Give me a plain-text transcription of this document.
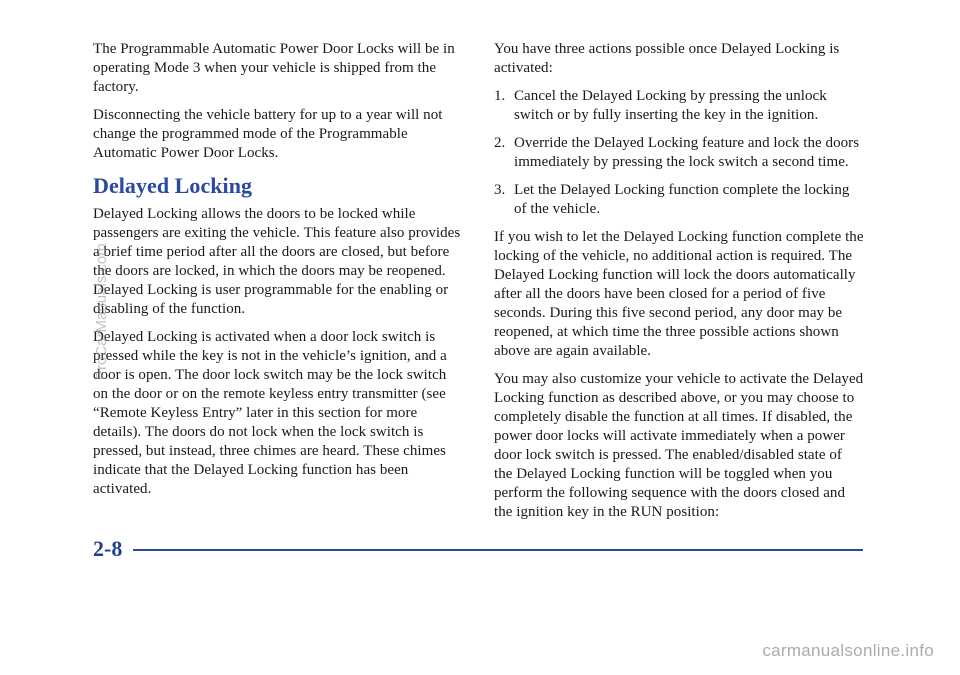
The Programmable Automatic Power Door Locks will be in operating Mode 3 when your vehicle is shipped from the factory.

Disconnecting the vehicle battery for up to a year will not change the programmed mode of the Programmable Automatic Power Door Locks.

Delayed Locking

Delayed Locking allows the doors to be locked while passengers are exiting the vehicle. This feature also provides a brief time period after all the doors are closed, but before the doors are locked, in which the doors may be reopened. Delayed Locking is user programmable for the enabling or disabling of the function.

Delayed Locking is activated when a door lock switch is pressed while the key is not in the vehicle’s ignition, and a door is open. The door lock switch may be the lock switch on the door or on the remote keyless entry transmitter (see “Remote Keyless Entry” later in this section for more details). The doors do not lock when the lock switch is pressed, but instead, three chimes are heard. These chimes indicate that the Delayed Locking function has been activated.

You have three actions possible once Delayed Locking is activated:

1. Cancel the Delayed Locking by pressing the unlock switch or by fully inserting the key in the ignition.
2. Override the Delayed Locking feature and lock the doors immediately by pressing the lock switch a second time.
3. Let the Delayed Locking function complete the locking of the vehicle.

If you wish to let the Delayed Locking function complete the locking of the vehicle, no additional action is required. The Delayed Locking function will lock the doors automatically after all the doors have been closed for a period of five seconds. During this five second period, any door may be reopened, at which time the three possible actions shown above are again available.

You may also customize your vehicle to activate the Delayed Locking function as described above, or you may choose to completely disable the function at all times. If disabled, the power door locks will activate immediately when a power door lock switch is pressed. The enabled/disabled state of the Delayed Locking function will be toggled when you perform the following sequence with the doors closed and the ignition key in the RUN position:

2-8
ProCarManuals.com
carmanualsonline.info
